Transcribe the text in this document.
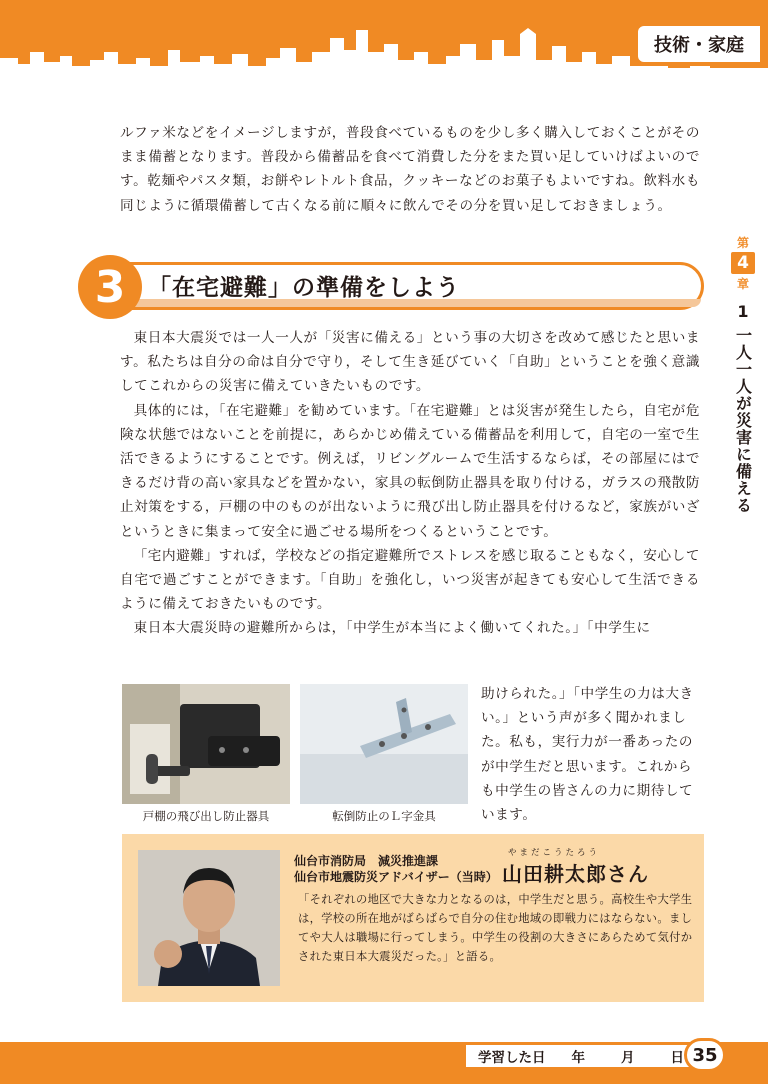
技術・家庭

ルファ米などをイメージしますが，普段食べているものを少し多く購入しておくことがそのまま備蓄となります。普段から備蓄品を食べて消費した分をまた買い足していけばよいのです。乾麺やパスタ類，お餅やレトルト食品，クッキーなどのお菓子もよいですね。飲料水も同じように循環備蓄して古くなる前に順々に飲んでその分を買い足しておきましょう。

3 「在宅避難」の準備をしよう

東日本大震災では一人一人が「災害に備える」という事の大切さを改めて感じたと思います。私たちは自分の命は自分で守り，そして生き延びていく「自助」ということを強く意識してこれからの災害に備えていきたいものです。

具体的には，「在宅避難」を勧めています。「在宅避難」とは災害が発生したら，自宅が危険な状態ではないことを前提に，あらかじめ備えている備蓄品を利用して，自宅の一室で生活できるようにすることです。例えば，リビングルームで生活するならば，その部屋にはできるだけ背の高い家具などを置かない，家具の転倒防止器具を取り付ける，ガラスの飛散防止対策をする，戸棚の中のものが出ないように飛び出し防止器具を付けるなど，家族がいざというときに集まって安全に過ごせる場所をつくるということです。

「宅内避難」すれば，学校などの指定避難所でストレスを感じ取ることもなく，安心して自宅で過ごすことができます。「自助」を強化し，いつ災害が起きても安心して生活できるように備えておきたいものです。

東日本大震災時の避難所からは，「中学生が本当によく働いてくれた。」「中学生に

戸棚の飛び出し防止器具	転倒防止のＬ字金具

助けられた。」「中学生の力は大きい。」という声が多く聞かれました。私も，実行力が一番あったのが中学生だと思います。これからも中学生の皆さんの力に期待しています。

第
4
章
1
一人一人が災害に備える
仙台市消防局　減災推進課
仙台市地震防災アドバイザー（当時）
やまだこうたろう
山田耕太郎さん

「それぞれの地区で大きな力となるのは，中学生だと思う。高校生や大学生は，学校の所在地がばらばらで自分の住む地域の即戦力にはならない。ましてや大人は職場に行ってしまう。中学生の役割の大きさにあらためて気付かされた東日本大震災だった。」と語る。

学習した日 年	月	日 35
